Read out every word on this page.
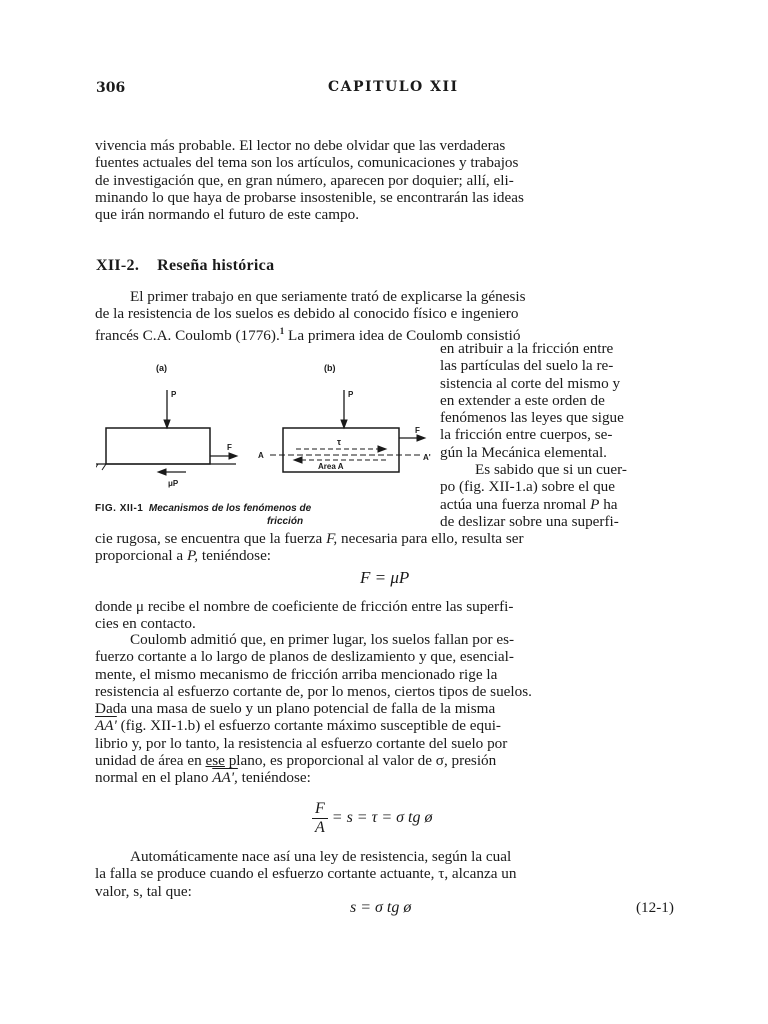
306	CAPITULO XII

vivencia más probable. El lector no debe olvidar que las verdaderas

fuentes actuales del tema son los artículos, comunicaciones y trabajos

de investigación que, en gran número, aparecen por doquier; allí, eli-

minando lo que haya de probarse insostenible, se encontrarán las ideas

que irán normando el futuro de este campo.

XII-2. Reseña histórica

El primer trabajo en que seriamente trató de explicarse la génesis

de la resistencia de los suelos es debido al conocido físico e ingeniero

francés C.A. Coulomb (1776).$^1$ La primera idea de Coulomb consistió

en atribuir a la fricción entre

las partículas del suelo la re-

sistencia al corte del mismo y

en extender a este orden de

fenómenos las leyes que sigue

la fricción entre cuerpos, se-

gún la Mecánica elemental.

Es sabido que si un cuer-

po (fig. XII-1.a) sobre el que

actúa una fuerza nromal P ha

de deslizar sobre una superfi-

(a)	(b)
P
F
μP
P
F
τ
A	A'
Area A
FIG. XII-1 Mecanismos de los fenómenos de
fricción

cie rugosa, se encuentra que la fuerza F, necesaria para ello, resulta ser

proporcional a P, teniéndose:

F = μP

donde μ recibe el nombre de coeficiente de fricción entre las superfi-

cies en contacto.

Coulomb admitió que, en primer lugar, los suelos fallan por es-

fuerzo cortante a lo largo de planos de deslizamiento y que, esencial-

mente, el mismo mecanismo de fricción arriba mencionado rige la

resistencia al esfuerzo cortante de, por lo menos, ciertos tipos de suelos.

Dada una masa de suelo y un plano potencial de falla de la misma

AA' (fig. XII-1.b) el esfuerzo cortante máximo susceptible de equi-

librio y, por lo tanto, la resistencia al esfuerzo cortante del suelo por

unidad de área en ese plano, es proporcional al valor de σ, presión

normal en el plano AA', teniéndose:

$\frac{F}{A} = s = \tau = \sigma$ tg ø

Automáticamente nace así una ley de resistencia, según la cual

la falla se produce cuando el esfuerzo cortante actuante, τ, alcanza un

valor, s, tal que:

s = σ tg ø	(12-1)
